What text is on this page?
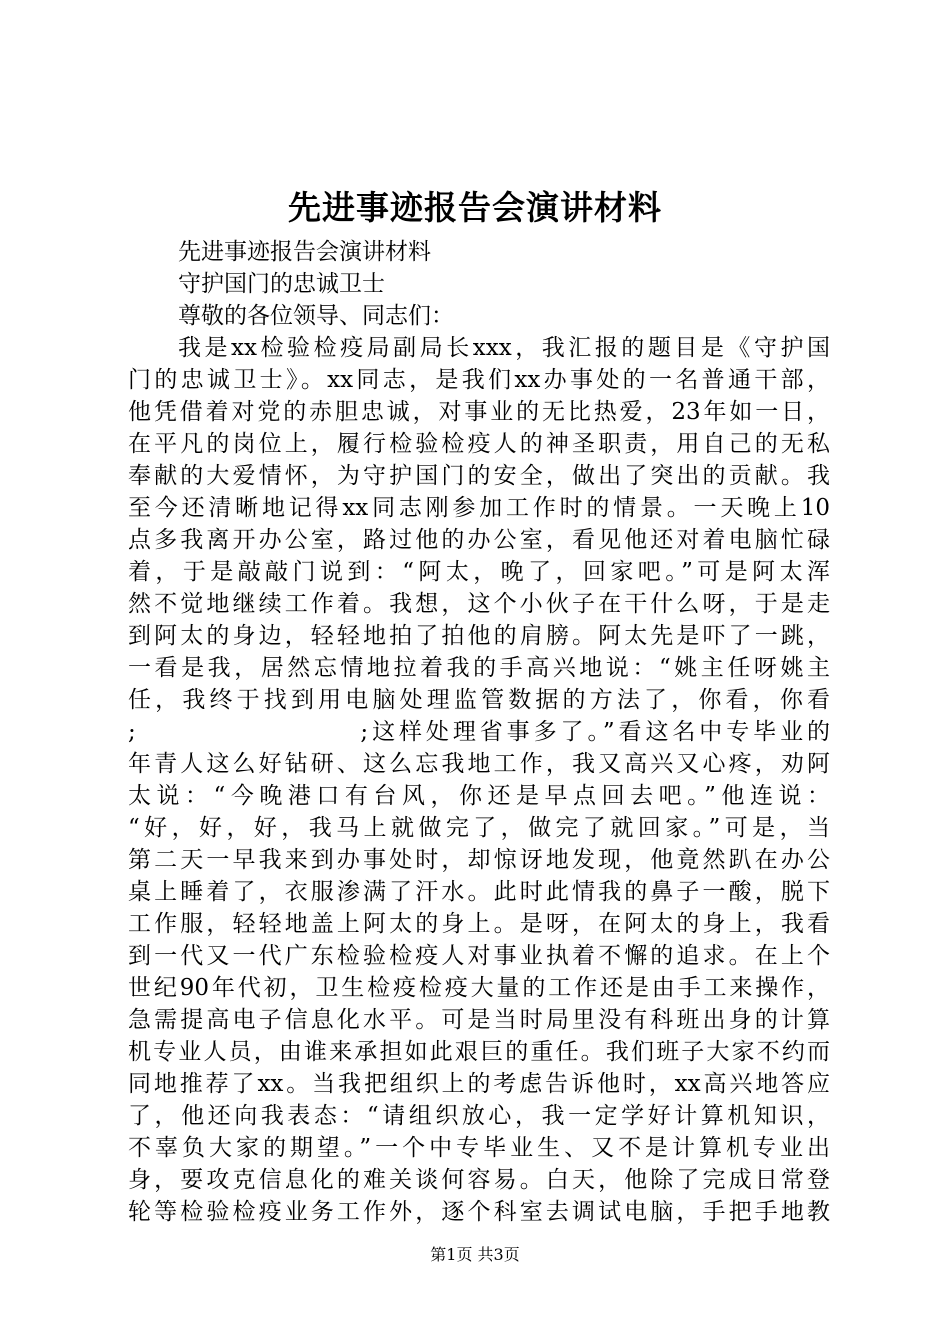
先进事迹报告会演讲材料
先进事迹报告会演讲材料
守护国门的忠诚卫士
尊敬的各位领导、同志们：
我是xx检验检疫局副局长xxx，我汇报的题目是《守护国
门的忠诚卫士》。xx同志，是我们xx办事处的一名普通干部，
他凭借着对党的赤胆忠诚，对事业的无比热爱，23年如一日，
在平凡的岗位上，履行检验检疫人的神圣职责，用自己的无私
奉献的大爱情怀，为守护国门的安全，做出了突出的贡献。我
至今还清晰地记得xx同志刚参加工作时的情景。一天晚上10
点多我离开办公室，路过他的办公室，看见他还对着电脑忙碌
着，于是敲敲门说到：“阿太，晚了，回家吧。”可是阿太浑
然不觉地继续工作着。我想，这个小伙子在干什么呀，于是走
到阿太的身边，轻轻地拍了拍他的肩膀。阿太先是吓了一跳，
一看是我，居然忘情地拉着我的手高兴地说：“姚主任呀姚主
任，我终于找到用电脑处理监管数据的方法了，你看，你看
;                    ;这样处理省事多了。”看这名中专毕业的
年青人这么好钻研、这么忘我地工作，我又高兴又心疼，劝阿
太说：“今晚港口有台风，你还是早点回去吧。”他连说：
“好，好，好，我马上就做完了，做完了就回家。”可是，当
第二天一早我来到办事处时，却惊讶地发现，他竟然趴在办公
桌上睡着了，衣服渗满了汗水。此时此情我的鼻子一酸，脱下
工作服，轻轻地盖上阿太的身上。是呀，在阿太的身上，我看
到一代又一代广东检验检疫人对事业执着不懈的追求。在上个
世纪90年代初，卫生检疫检疫大量的工作还是由手工来操作，
急需提高电子信息化水平。可是当时局里没有科班出身的计算
机专业人员，由谁来承担如此艰巨的重任。我们班子大家不约而
同地推荐了xx。当我把组织上的考虑告诉他时，xx高兴地答应
了，他还向我表态：“请组织放心，我一定学好计算机知识，
不辜负大家的期望。”一个中专毕业生、又不是计算机专业出
身，要攻克信息化的难关谈何容易。白天，他除了完成日常登
轮等检验检疫业务工作外，逐个科室去调试电脑，手把手地教
第1页 共3页
